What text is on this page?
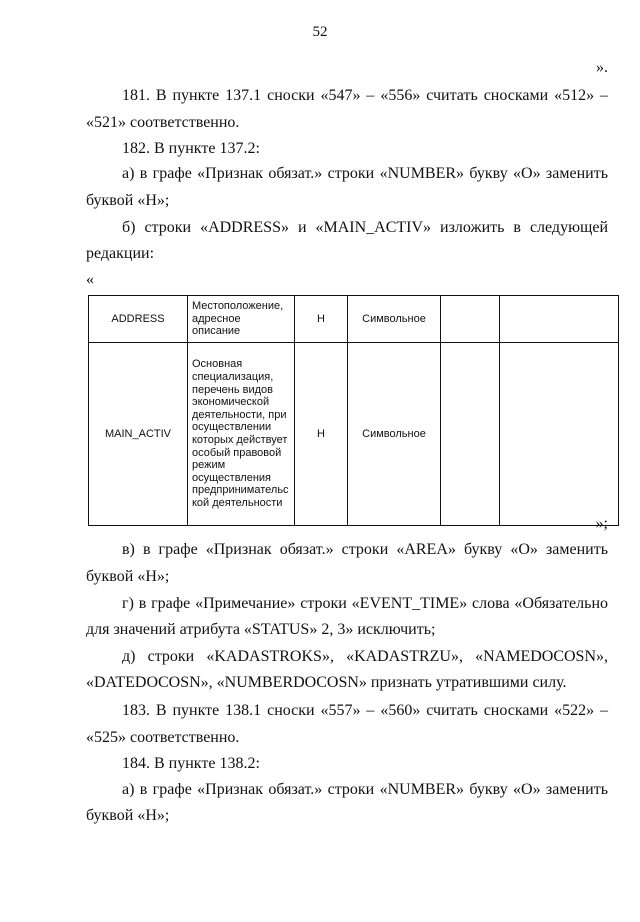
52
».
181. В пункте 137.1 сноски «547» – «556» считать сносками «512» –
«521» соответственно.
182. В пункте 137.2:
а) в графе «Признак обязат.» строки «NUMBER» букву «О» заменить
буквой «Н»;
б) строки «ADDRESS» и «MAIN_ACTIV» изложить в следующей
редакции:
«
ADDRESS	Местоположение, адресное описание	Н	Символьное		
MAIN_ACTIV	Основная специализация, перечень видов экономической деятельности, при осуществлении которых действует особый правовой режим осуществления предпринимательс кой деятельности	Н	Символьное		
»;
в) в графе «Признак обязат.» строки «AREA» букву «О» заменить
буквой «Н»;
г) в графе «Примечание» строки «EVENT_TIME» слова «Обязательно
для значений атрибута «STATUS» 2, 3» исключить;
д) строки «KADASTROKS», «KADASTRZU», «NAMEDOCOSN»,
«DATEDOCOSN», «NUMBERDOCOSN» признать утратившими силу.
183. В пункте 138.1 сноски «557» – «560» считать сносками «522» –
«525» соответственно.
184. В пункте 138.2:
а) в графе «Признак обязат.» строки «NUMBER» букву «О» заменить
буквой «Н»;
